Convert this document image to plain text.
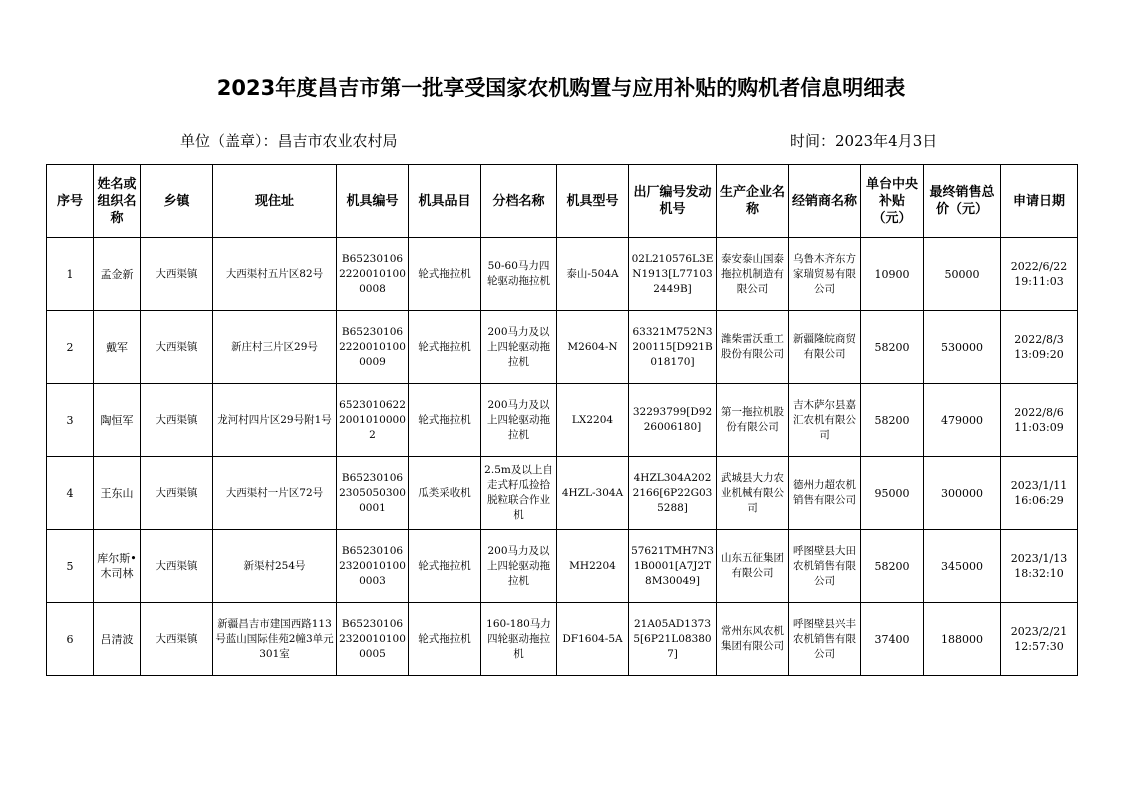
2023年度昌吉市第一批享受国家农机购置与应用补贴的购机者信息明细表
单位（盖章）：昌吉市农业农村局	时间：2023年4月3日
序号	姓名或组织名称	乡镇	现住址	机具编号	机具品目	分档名称	机具型号	出厂编号发动机号	生产企业名称	经销商名称	单台中央补贴（元）	最终销售总价（元）	申请日期
1	孟金新	大西渠镇	大西渠村五片区82号	B6523010622200101000008	轮式拖拉机	50-60马力四轮驱动拖拉机	泰山-504A	02L210576L3EN1913[L771032449B]	泰安泰山国泰拖拉机制造有限公司	乌鲁木齐东方家瑞贸易有限公司	10900	50000	2022/6/22 19:11:03
2	戴军	大西渠镇	新庄村三片区29号	B6523010622200101000009	轮式拖拉机	200马力及以上四轮驱动拖拉机	M2604-N	63321M752N3200115[D921B018170]	潍柴雷沃重工股份有限公司	新疆隆皖商贸有限公司	58200	530000	2022/8/3 13:09:20
3	陶恒军	大西渠镇	龙河村四片区29号附1号	652301062220010100002	轮式拖拉机	200马力及以上四轮驱动拖拉机	LX2204	32293799[D9226006180]	第一拖拉机股份有限公司	吉木萨尔县嘉汇农机有限公司	58200	479000	2022/8/6 11:03:09
4	王东山	大西渠镇	大西渠村一片区72号	B6523010623050503000001	瓜类采收机	2.5m及以上自走式籽瓜捡拾脱粒联合作业机	4HZL-304A	4HZL304A2022166[6P22G035288]	武城县大力农业机械有限公司	德州力超农机销售有限公司	95000	300000	2023/1/11 16:06:29
5	库尔斯•木司林	大西渠镇	新渠村254号	B6523010623200101000003	轮式拖拉机	200马力及以上四轮驱动拖拉机	MH2204	57621TMH7N31B0001[A7J2T8M30049]	山东五征集团有限公司	呼图壁县大田农机销售有限公司	58200	345000	2023/1/13 18:32:10
6	吕清波	大西渠镇	新疆昌吉市建国西路113号蓝山国际佳苑2幢3单元301室	B6523010623200101000005	轮式拖拉机	160-180马力四轮驱动拖拉机	DF1604-5A	21A05AD13735[6P21L083807]	常州东风农机集团有限公司	呼图壁县兴丰农机销售有限公司	37400	188000	2023/2/21 12:57:30
